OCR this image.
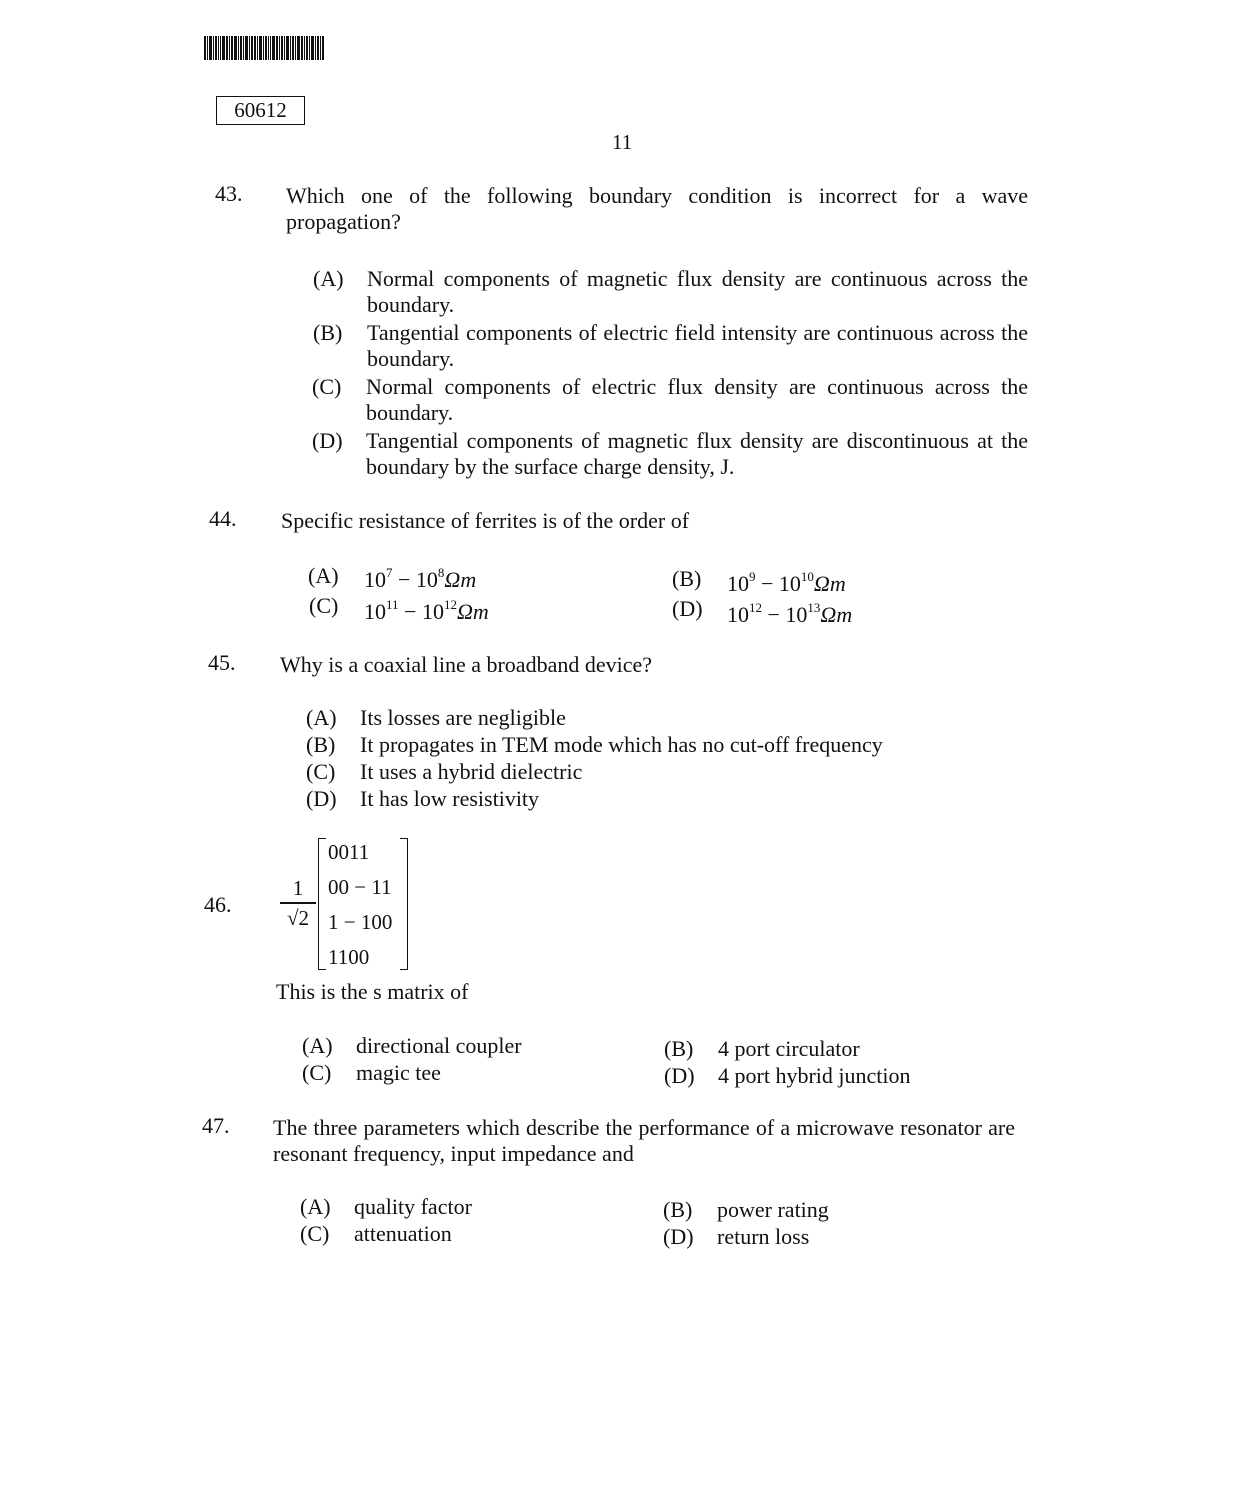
60612
11
43. Which one of the following boundary condition is incorrect for a wave propagation?
(A) Normal components of magnetic flux density are continuous across the boundary.
(B) Tangential components of electric field intensity are continuous across the boundary.
(C) Normal components of electric flux density are continuous across the boundary.
(D) Tangential components of magnetic flux density are discontinuous at the boundary by the surface charge density, J.
44. Specific resistance of ferrites is of the order of
(A) $10^7 - 10^8\Omega m$	(B) $10^9 - 10^{10}\Omega m$
(C) $10^{11} - 10^{12}\Omega m$	(D) $10^{12} - 10^{13}\Omega m$
45. Why is a coaxial line a broadband device?
(A) Its losses are negligible
(B) It propagates in TEM mode which has no cut-off frequency
(C) It uses a hybrid dielectric
(D) It has low resistivity
46.
1
√2
0011
00 − 11
1 − 100
1100
This is the s matrix of
(A) directional coupler	(B) 4 port circulator
(C) magic tee	(D) 4 port hybrid junction
47. The three parameters which describe the performance of a microwave resonator are resonant frequency, input impedance and
(A) quality factor	(B) power rating
(C) attenuation	(D) return loss
